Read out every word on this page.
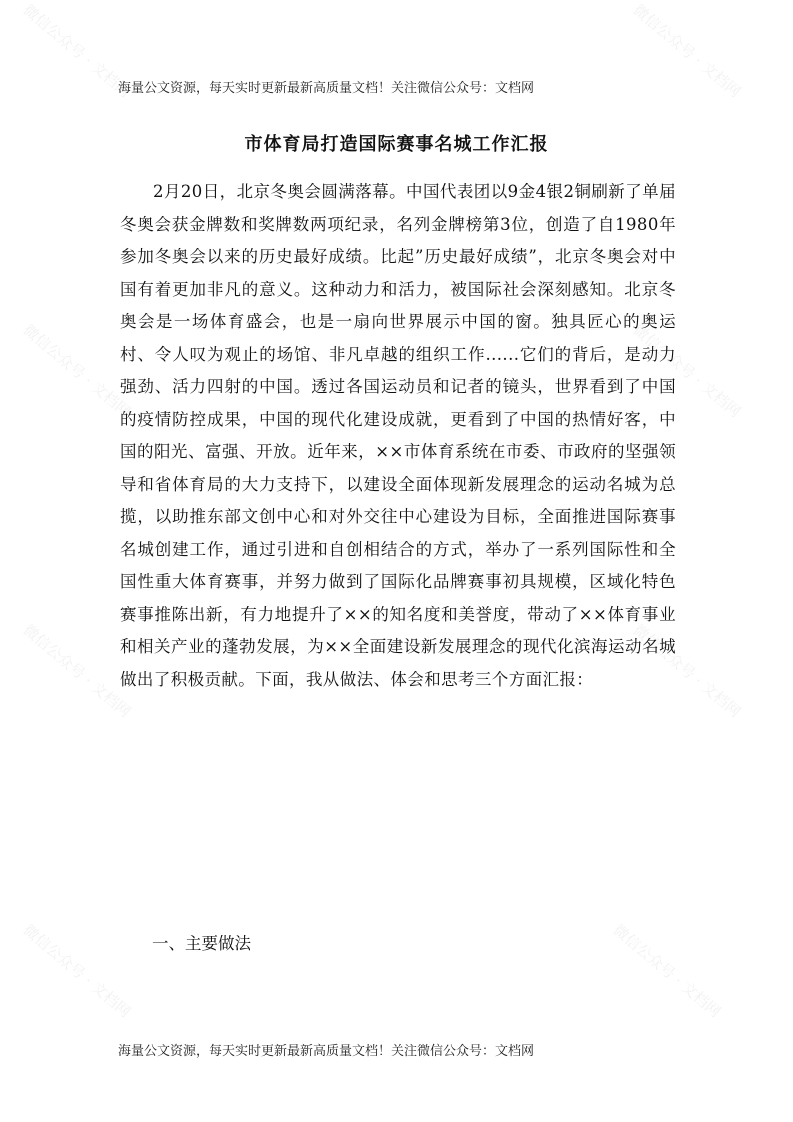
微信公众号 · 文档网	微信公众号 · 文档网
微信公众号 · 文档网	微信公众号 · 文档网
微信公众号 · 文档网	微信公众号 · 文档网
微信公众号 · 文档网	微信公众号 · 文档网
海量公文资源，每天实时更新最新高质量文档！关注微信公众号：文档网
市体育局打造国际赛事名城工作汇报

2月20日，北京冬奥会圆满落幕。中国代表团以9金4银2铜刷新了单届冬奥会获金牌数和奖牌数两项纪录，名列金牌榜第3位，创造了自1980年参加冬奥会以来的历史最好成绩。比起”历史最好成绩”，北京冬奥会对中国有着更加非凡的意义。这种动力和活力，被国际社会深刻感知。北京冬奥会是一场体育盛会，也是一扇向世界展示中国的窗。独具匠心的奥运村、令人叹为观止的场馆、非凡卓越的组织工作......它们的背后，是动力强劲、活力四射的中国。透过各国运动员和记者的镜头，世界看到了中国的疫情防控成果，中国的现代化建设成就，更看到了中国的热情好客，中国的阳光、富强、开放。近年来，××市体育系统在市委、市政府的坚强领导和省体育局的大力支持下，以建设全面体现新发展理念的运动名城为总揽，以助推东部文创中心和对外交往中心建设为目标，全面推进国际赛事名城创建工作，通过引进和自创相结合的方式，举办了一系列国际性和全国性重大体育赛事，并努力做到了国际化品牌赛事初具规模，区域化特色赛事推陈出新，有力地提升了××的知名度和美誉度，带动了××体育事业和相关产业的蓬勃发展，为××全面建设新发展理念的现代化滨海运动名城做出了积极贡献。下面，我从做法、体会和思考三个方面汇报：

一、主要做法

海量公文资源，每天实时更新最新高质量文档！关注微信公众号：文档网
